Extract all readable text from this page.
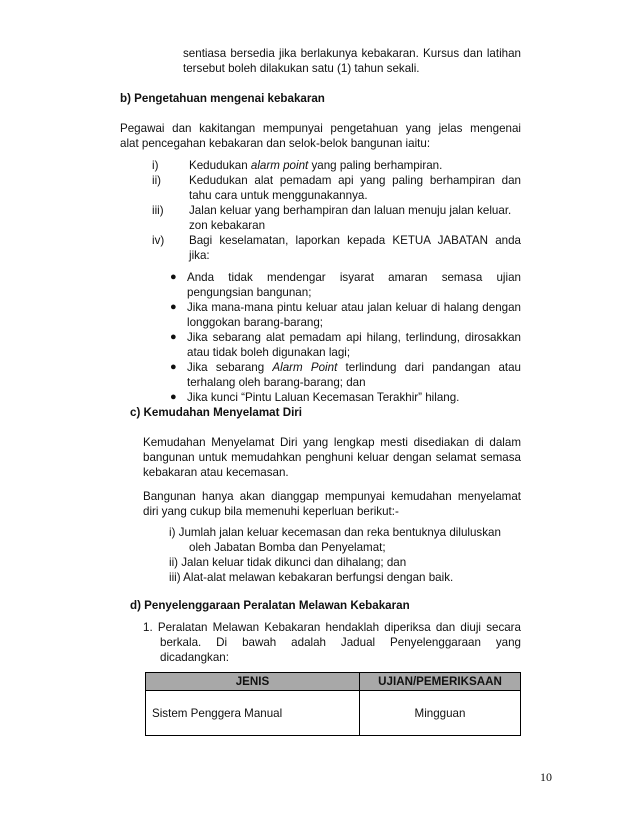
sentiasa bersedia jika berlakunya kebakaran. Kursus dan latihan
tersebut boleh dilakukan satu (1) tahun sekali.
b) Pengetahuan mengenai kebakaran
Pegawai dan kakitangan mempunyai pengetahuan yang jelas mengenai
alat pencegahan kebakaran dan selok-belok bangunan iaitu:
i)	Kedudukan alarm point yang paling berhampiran.
ii)	Kedudukan alat pemadam api yang paling berhampiran dan
tahu cara untuk menggunakannya.
iii)	Jalan keluar yang berhampiran dan laluan menuju jalan keluar.
zon kebakaran
iv)	Bagi keselamatan, laporkan kepada KETUA JABATAN anda
jika:
● Anda tidak mendengar isyarat amaran semasa ujian
pengungsian bangunan;
● Jika mana-mana pintu keluar atau jalan keluar di halang dengan
longgokan barang-barang;
● Jika sebarang alat pemadam api hilang, terlindung, dirosakkan
atau tidak boleh digunakan lagi;
● Jika sebarang Alarm Point terlindung dari pandangan atau
terhalang oleh barang-barang; dan
● Jika kunci “Pintu Laluan Kecemasan Terakhir” hilang.
c) Kemudahan Menyelamat Diri
Kemudahan Menyelamat Diri yang lengkap mesti disediakan di dalam
bangunan untuk memudahkan penghuni keluar dengan selamat semasa
kebakaran atau kecemasan.
Bangunan hanya akan dianggap mempunyai kemudahan menyelamat
diri yang cukup bila memenuhi keperluan berikut:-
i) Jumlah jalan keluar kecemasan dan reka bentuknya diluluskan
oleh Jabatan Bomba dan Penyelamat;
ii) Jalan keluar tidak dikunci dan dihalang; dan
iii) Alat-alat melawan kebakaran berfungsi dengan baik.
d) Penyelenggaraan Peralatan Melawan Kebakaran
1. Peralatan Melawan Kebakaran hendaklah diperiksa dan diuji secara
berkala.  Di  bawah  adalah  Jadual  Penyelenggaraan  yang
dicadangkan:
JENIS	UJIAN/PEMERIKSAAN
Sistem Penggera Manual	Mingguan
10
